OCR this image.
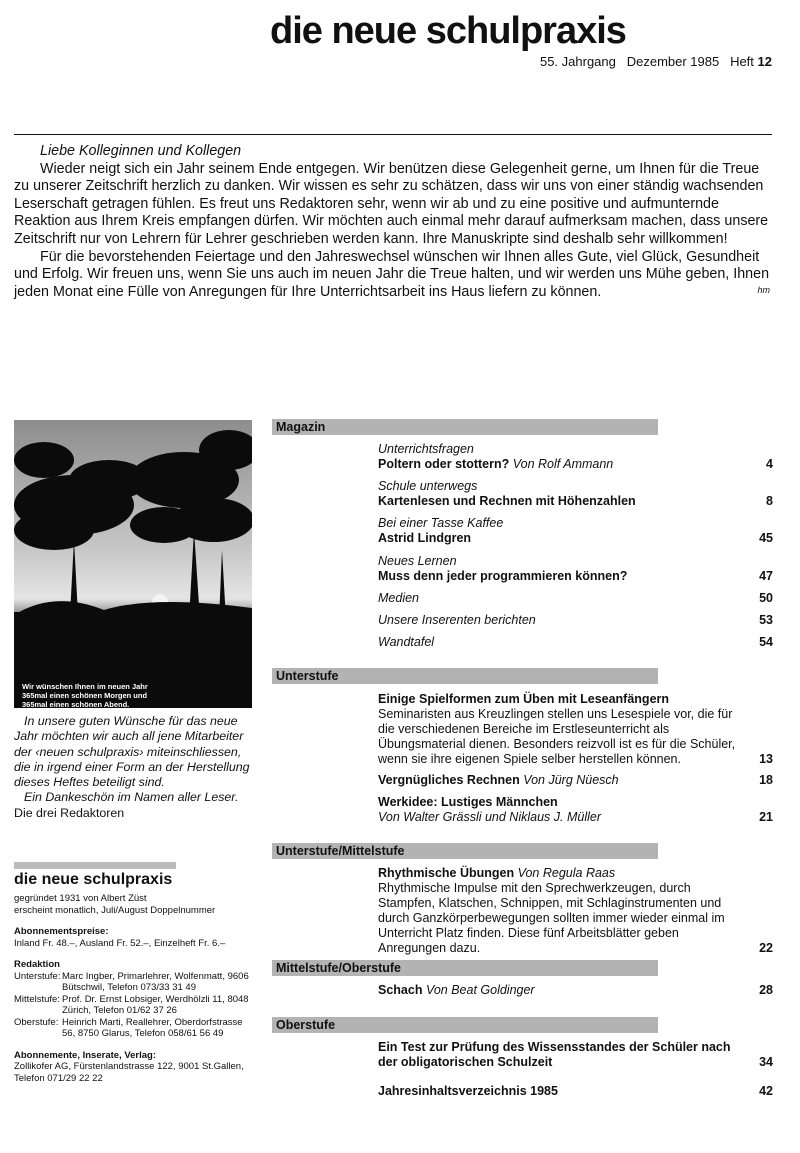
die neue schulpraxis
55. Jahrgang Dezember 1985 Heft 12

Liebe Kolleginnen und Kollegen

Wieder neigt sich ein Jahr seinem Ende entgegen. Wir benützen diese Gelegenheit gerne, um Ihnen für die Treue zu unserer Zeitschrift herzlich zu danken. Wir wissen es sehr zu schätzen, dass wir uns von einer ständig wachsenden Leserschaft getragen fühlen. Es freut uns Redaktoren sehr, wenn wir ab und zu eine positive und aufmunternde Reaktion aus Ihrem Kreis empfangen dürfen. Wir möchten auch einmal mehr darauf aufmerksam machen, dass unsere Zeitschrift nur von Lehrern für Lehrer geschrieben werden kann. Ihre Manuskripte sind deshalb sehr willkommen!

Für die bevorstehenden Feiertage und den Jahreswechsel wünschen wir Ihnen alles Gute, viel Glück, Gesundheit und Erfolg. Wir freuen uns, wenn Sie uns auch im neuen Jahr die Treue halten, und wir werden uns Mühe geben, Ihnen jeden Monat eine Fülle von Anregungen für Ihre Unterrichtsarbeit ins Haus liefern zu können.	hm
Wir wünschen Ihnen im neuen Jahr
365mal einen schönen Morgen und
365mal einen schönen Abend.

In unsere guten Wünsche für das neue Jahr möchten wir auch all jene Mitarbeiter der ‹neuen schulpraxis› miteinschliessen, die in irgend einer Form an der Herstellung dieses Heftes beteiligt sind.

Ein Dankeschön im Namen aller Leser.

Die drei Redaktoren

die neue schulpraxis
gegründet 1931 von Albert Züst
erscheint monatlich, Juli/August Doppelnummer
Abonnementspreise:
Inland Fr. 48.–, Ausland Fr. 52.–, Einzelheft Fr. 6.–
Redaktion
Unterstufe: Marc Ingber, Primarlehrer, Wolfenmatt, 9606 Bütschwil, Telefon 073/33 31 49
Mittelstufe: Prof. Dr. Ernst Lobsiger, Werdhölzli 11, 8048 Zürich, Telefon 01/62 37 26
Oberstufe: Heinrich Marti, Reallehrer, Oberdorfstrasse 56, 8750 Glarus, Telefon 058/61 56 49
Abonnemente, Inserate, Verlag:
Zollikofer AG, Fürstenlandstrasse 122, 9001 St.Gallen, Telefon 071/29 22 22
Magazin
Unterstufe
Unterstufe/Mittelstufe
Mittelstufe/Oberstufe
Oberstufe
Unterrichtsfragen
Poltern oder stottern? Von Rolf Ammann	4
Schule unterwegs
Kartenlesen und Rechnen mit Höhenzahlen	8
Bei einer Tasse Kaffee
Astrid Lindgren	45
Neues Lernen
Muss denn jeder programmieren können?	47
Medien	50
Unsere Inserenten berichten	53
Wandtafel	54
Einige Spielformen zum Üben mit Leseanfängern
Seminaristen aus Kreuzlingen stellen uns Lesespiele vor, die für die verschiedenen Bereiche im Erstleseunterricht als Übungsmaterial dienen. Besonders reizvoll ist es für die Schüler, wenn sie ihre eigenen Spiele selber herstellen können.	13
Vergnügliches Rechnen Von Jürg Nüesch	18
Werkidee: Lustiges Männchen
Von Walter Grässli und Niklaus J. Müller	21
Rhythmische Übungen Von Regula Raas
Rhythmische Impulse mit den Sprechwerkzeugen, durch Stampfen, Klatschen, Schnippen, mit Schlaginstrumenten und durch Ganzkörperbewegungen sollten immer wieder einmal im Unterricht Platz finden. Diese fünf Arbeitsblätter geben Anregungen dazu.	22
Schach Von Beat Goldinger	28
Ein Test zur Prüfung des Wissensstandes der Schüler nach der obligatorischen Schulzeit	34
Jahresinhaltsverzeichnis 1985	42
